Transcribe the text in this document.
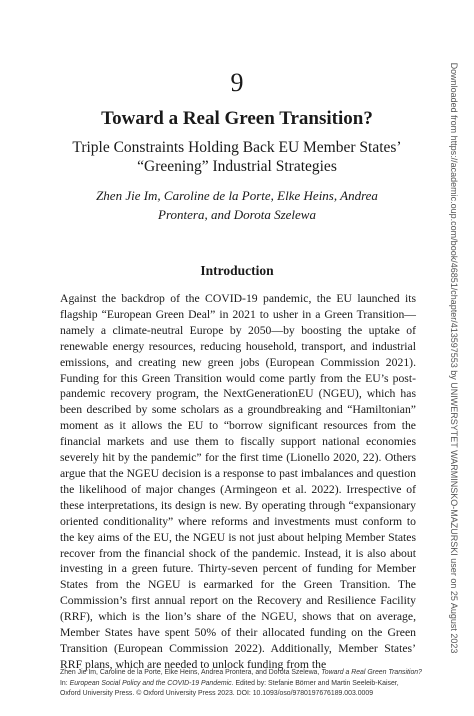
9
Toward a Real Green Transition?
Triple Constraints Holding Back EU Member States’ “Greening” Industrial Strategies
Zhen Jie Im, Caroline de la Porte, Elke Heins, Andrea Prontera, and Dorota Szelewa
Introduction

Against the backdrop of the COVID-19 pandemic, the EU launched its flagship “European Green Deal” in 2021 to usher in a Green Transition—namely a climate-neutral Europe by 2050—by boosting the uptake of renewable energy resources, reducing household, transport, and industrial emissions, and creating new green jobs (European Commission 2021). Funding for this Green Transition would come partly from the EU’s post-pandemic recovery program, the NextGenerationEU (NGEU), which has been described by some scholars as a groundbreaking and “Hamiltonian” moment as it allows the EU to “borrow significant resources from the financial markets and use them to fiscally support national economies severely hit by the pandemic” for the first time (Lionello 2020, 22). Others argue that the NGEU decision is a response to past imbalances and question the likelihood of major changes (Armingeon et al. 2022). Irrespective of these interpretations, its design is new. By operating through “expansionary oriented conditionality” where reforms and investments must conform to the key aims of the EU, the NGEU is not just about helping Member States recover from the financial shock of the pandemic. Instead, it is also about investing in a green future. Thirty-seven percent of funding for Member States from the NGEU is earmarked for the Green Transition. The Commission’s first annual report on the Recovery and Resilience Facility (RRF), which is the lion’s share of the NGEU, shows that on average, Member States have spent 50% of their allocated funding on the Green Transition (European Commission 2022). Additionally, Member States’ RRF plans, which are needed to unlock funding from the

Zhen Jie Im, Caroline de la Porte, Elke Heins, Andrea Prontera, and Dorota Szelewa, Toward a Real Green Transition?
In: European Social Policy and the COVID-19 Pandemic. Edited by: Stefanie Börner and Martin Seeleib-Kaiser,
Oxford University Press. © Oxford University Press 2023. DOI: 10.1093/oso/9780197676189.003.0009
Downloaded from https://academic.oup.com/book/46851/chapter/413597553 by UNIWERSYTET WARMINSKO-MAZURSKI user on 25 August 2023
